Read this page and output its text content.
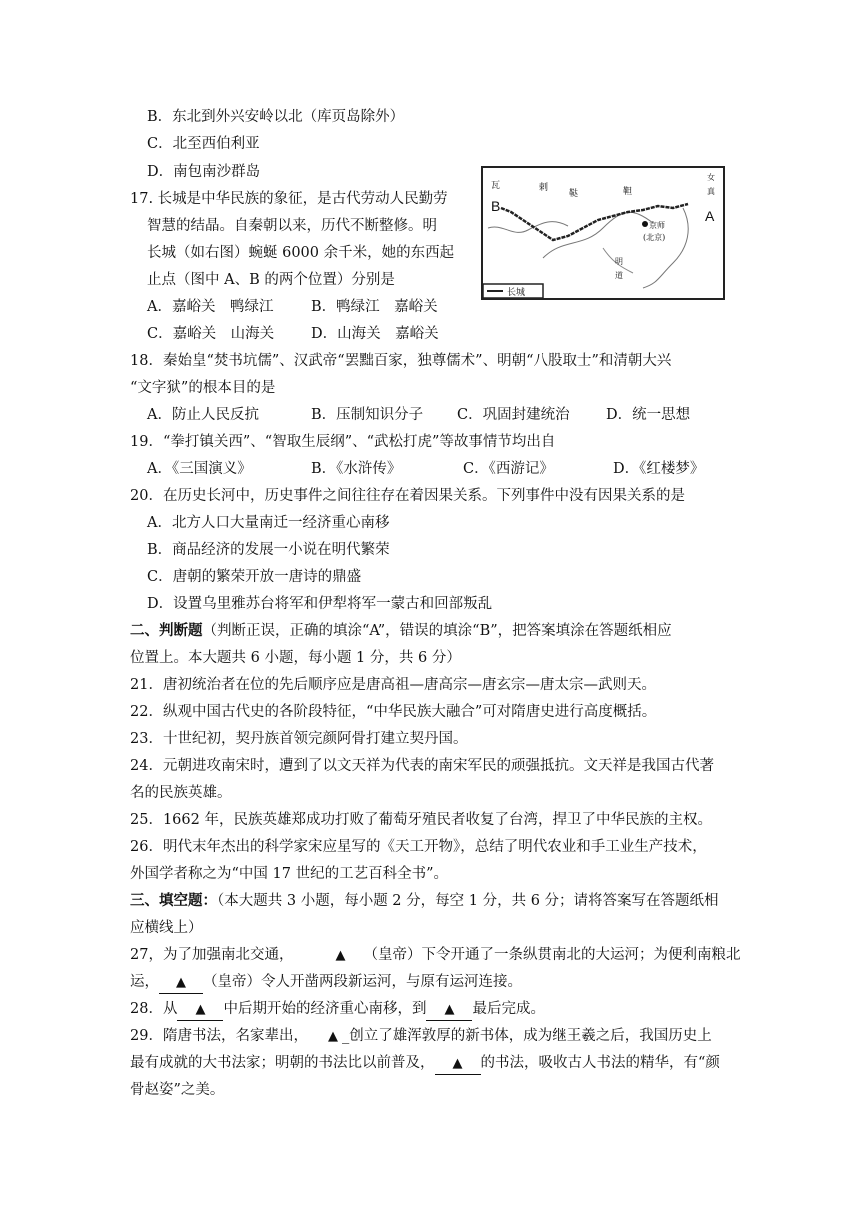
B．东北到外兴安岭以北（库页岛除外）
C．北至西伯利亚
D．南包南沙群岛
17. 长城是中华民族的象征，是古代劳动人民勤劳
智慧的结晶。自秦朝以来，历代不断整修。明
长城（如右图）蜿蜒 6000 余千米，她的东西起
止点（图中 A、B 的两个位置）分别是
A．嘉峪关　鸭绿江	B．鸭绿江　嘉峪关
C．嘉峪关　山海关	D．山海关　嘉峪关
瓦	剌
鞑	靼
女
真
B
A
京师
(北京)
明
道
长城
18．秦始皇“焚书坑儒”、汉武帝“罢黜百家，独尊儒术”、明朝“八股取士”和清朝大兴
“文字狱”的根本目的是
A．防止人民反抗	B．压制知识分子 C．巩固封建统治	D．统一思想
19．“拳打镇关西”、“智取生辰纲”、“武松打虎”等故事情节均出自
A．《三国演义》	B．《水浒传》	C．《西游记》	D．《红楼梦》
20．在历史长河中，历史事件之间往往存在着因果关系。下列事件中没有因果关系的是
A．北方人口大量南迁一经济重心南移
B．商品经济的发展一小说在明代繁荣
C．唐朝的繁荣开放一唐诗的鼎盛
D．设置乌里雅苏台将军和伊犁将军一蒙古和回部叛乱
二、判断题（判断正误，正确的填涂“A”，错误的填涂“B”，把答案填涂在答题纸相应
位置上。本大题共 6 小题，每小题 1 分，共 6 分）
21．唐初统治者在位的先后顺序应是唐高祖—唐高宗—唐玄宗—唐太宗—武则天。
22．纵观中国古代史的各阶段特征，“中华民族大融合”可对隋唐史进行高度概括。
23．十世纪初，契丹族首领完颜阿骨打建立契丹国。
24．元朝进攻南宋时，遭到了以文天祥为代表的南宋军民的顽强抵抗。文天祥是我国古代著
名的民族英雄。
25．1662 年，民族英雄郑成功打败了葡萄牙殖民者收复了台湾，捍卫了中华民族的主权。
26．明代末年杰出的科学家宋应星写的《天工开物》，总结了明代农业和手工业生产技术，
外国学者称之为“中国 17 世纪的工艺百科全书”。
三、填空题：（本大题共 3 小题，每小题 2 分，每空 1 分，共 6 分；请将答案写在答题纸相
应横线上）
27，为了加强南北交通，	▲ （皇帝）下令开通了一条纵贯南北的大运河；为便利南粮北
运， ▲ （皇帝）令人开凿两段新运河，与原有运河连接。
28．从 ▲ 中后期开始的经济重心南移，到 ▲ 最后完成。
29．隋唐书法，名家辈出， ▲ _创立了雄浑敦厚的新书体，成为继王羲之后，我国历史上
最有成就的大书法家；明朝的书法比以前普及， ▲ 的书法，吸收古人书法的精华，有“颜
骨赵姿”之美。
